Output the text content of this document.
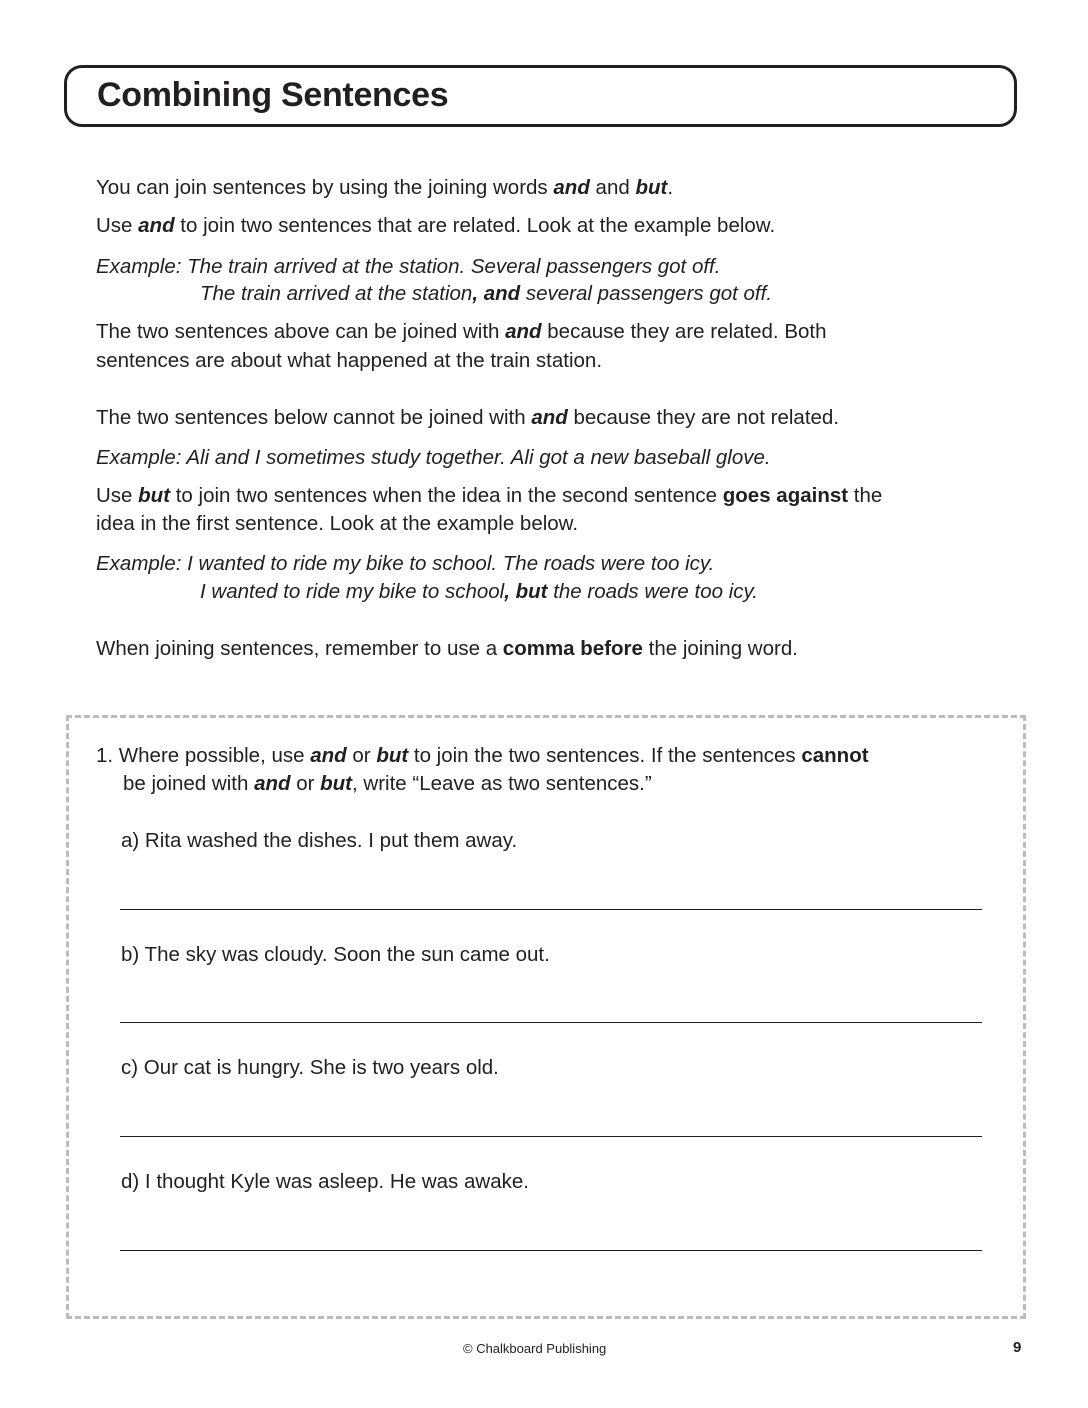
Combining Sentences
You can join sentences by using the joining words and and but.
Use and to join two sentences that are related. Look at the example below.
Example: The train arrived at the station. Several passengers got off.
The train arrived at the station, and several passengers got off.
The two sentences above can be joined with and because they are related. Both
sentences are about what happened at the train station.
The two sentences below cannot be joined with and because they are not related.
Example: Ali and I sometimes study together. Ali got a new baseball glove.
Use but to join two sentences when the idea in the second sentence goes against the
idea in the first sentence. Look at the example below.
Example: I wanted to ride my bike to school. The roads were too icy.
I wanted to ride my bike to school, but the roads were too icy.
When joining sentences, remember to use a comma before the joining word.
1. Where possible, use and or but to join the two sentences. If the sentences cannot
be joined with and or but, write “Leave as two sentences.”
a) Rita washed the dishes. I put them away.
b) The sky was cloudy. Soon the sun came out.
c) Our cat is hungry. She is two years old.
d) I thought Kyle was asleep. He was awake.
© Chalkboard Publishing	9
